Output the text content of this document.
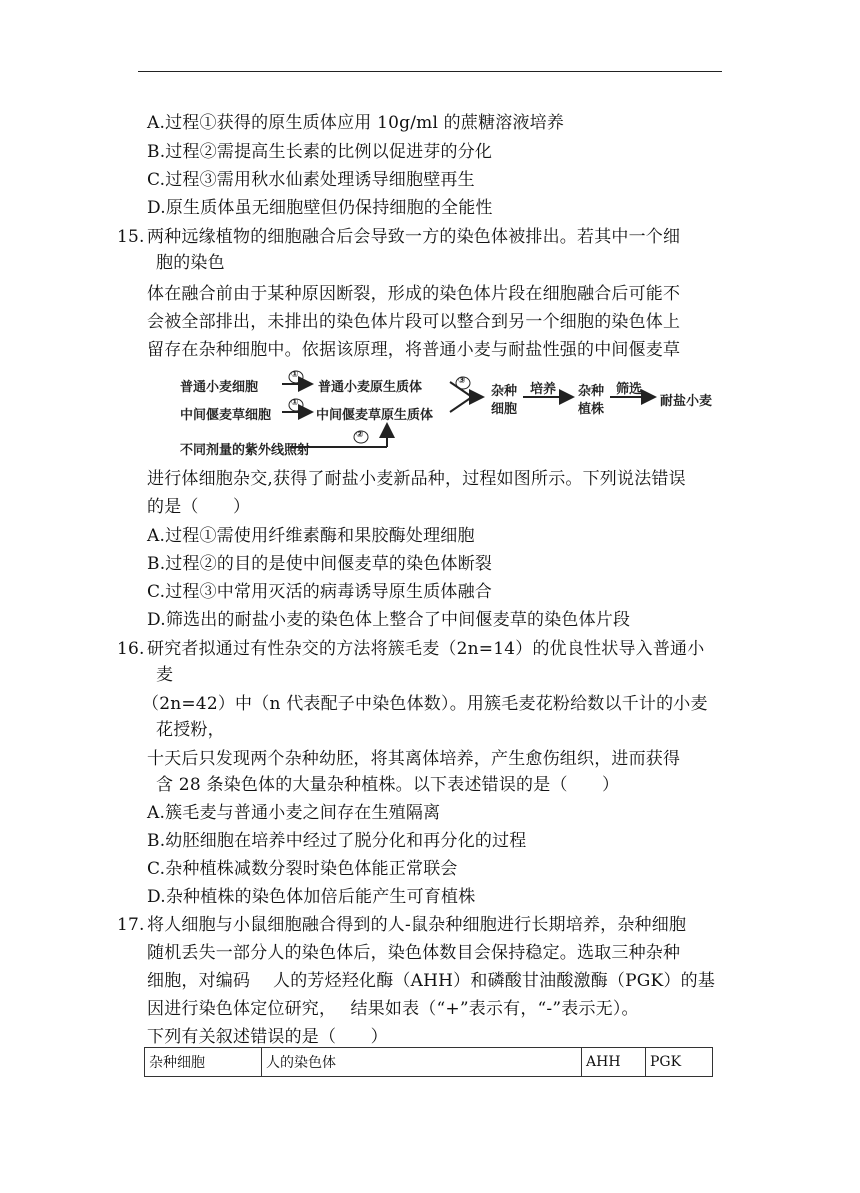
A.过程①获得的原生质体应用 10g/ml 的蔗糖溶液培养
B.过程②需提高生长素的比例以促进芽的分化
C.过程③需用秋水仙素处理诱导细胞壁再生
D.原生质体虽无细胞壁但仍保持细胞的全能性
15. 两种远缘植物的细胞融合后会导致一方的染色体被排出。若其中一个细
胞的染色
体在融合前由于某种原因断裂，形成的染色体片段在细胞融合后可能不
会被全部排出，未排出的染色体片段可以整合到另一个细胞的染色体上
留存在杂种细胞中。依据该原理，将普通小麦与耐盐性强的中间偃麦草
普通小麦细胞
①
普通小麦原生质体
中间偃麦草细胞
①
中间偃麦草原生质体
不同剂量的紫外线照射
②
③
杂种
细胞
培养 杂种
植株
筛选
耐盐小麦
进行体细胞杂交,获得了耐盐小麦新品种，过程如图所示。下列说法错误
的是（　　）
A.过程①需使用纤维素酶和果胶酶处理细胞
B.过程②的目的是使中间偃麦草的染色体断裂
C.过程③中常用灭活的病毒诱导原生质体融合
D.筛选出的耐盐小麦的染色体上整合了中间偃麦草的染色体片段
16. 研究者拟通过有性杂交的方法将簇毛麦（2n=14）的优良性状导入普通小
麦
（2n=42）中（n 代表配子中染色体数）。用簇毛麦花粉给数以千计的小麦
花授粉，
十天后只发现两个杂种幼胚，将其离体培养，产生愈伤组织，进而获得
含 28 条染色体的大量杂种植株。以下表述错误的是（　　）
A.簇毛麦与普通小麦之间存在生殖隔离
B.幼胚细胞在培养中经过了脱分化和再分化的过程
C.杂种植株减数分裂时染色体能正常联会
D.杂种植株的染色体加倍后能产生可育植株
17. 将人细胞与小鼠细胞融合得到的人-鼠杂种细胞进行长期培养，杂种细胞
随机丢失一部分人的染色体后，染色体数目会保持稳定。选取三种杂种
细胞，对编码　 人的芳烃羟化酶（AHH）和磷酸甘油酸激酶（PGK）的基
因进行染色体定位研究，　 结果如表（“+”表示有，“-”表示无）。
下列有关叙述错误的是（　　）
杂种细胞	人的染色体	AHH	PGK
